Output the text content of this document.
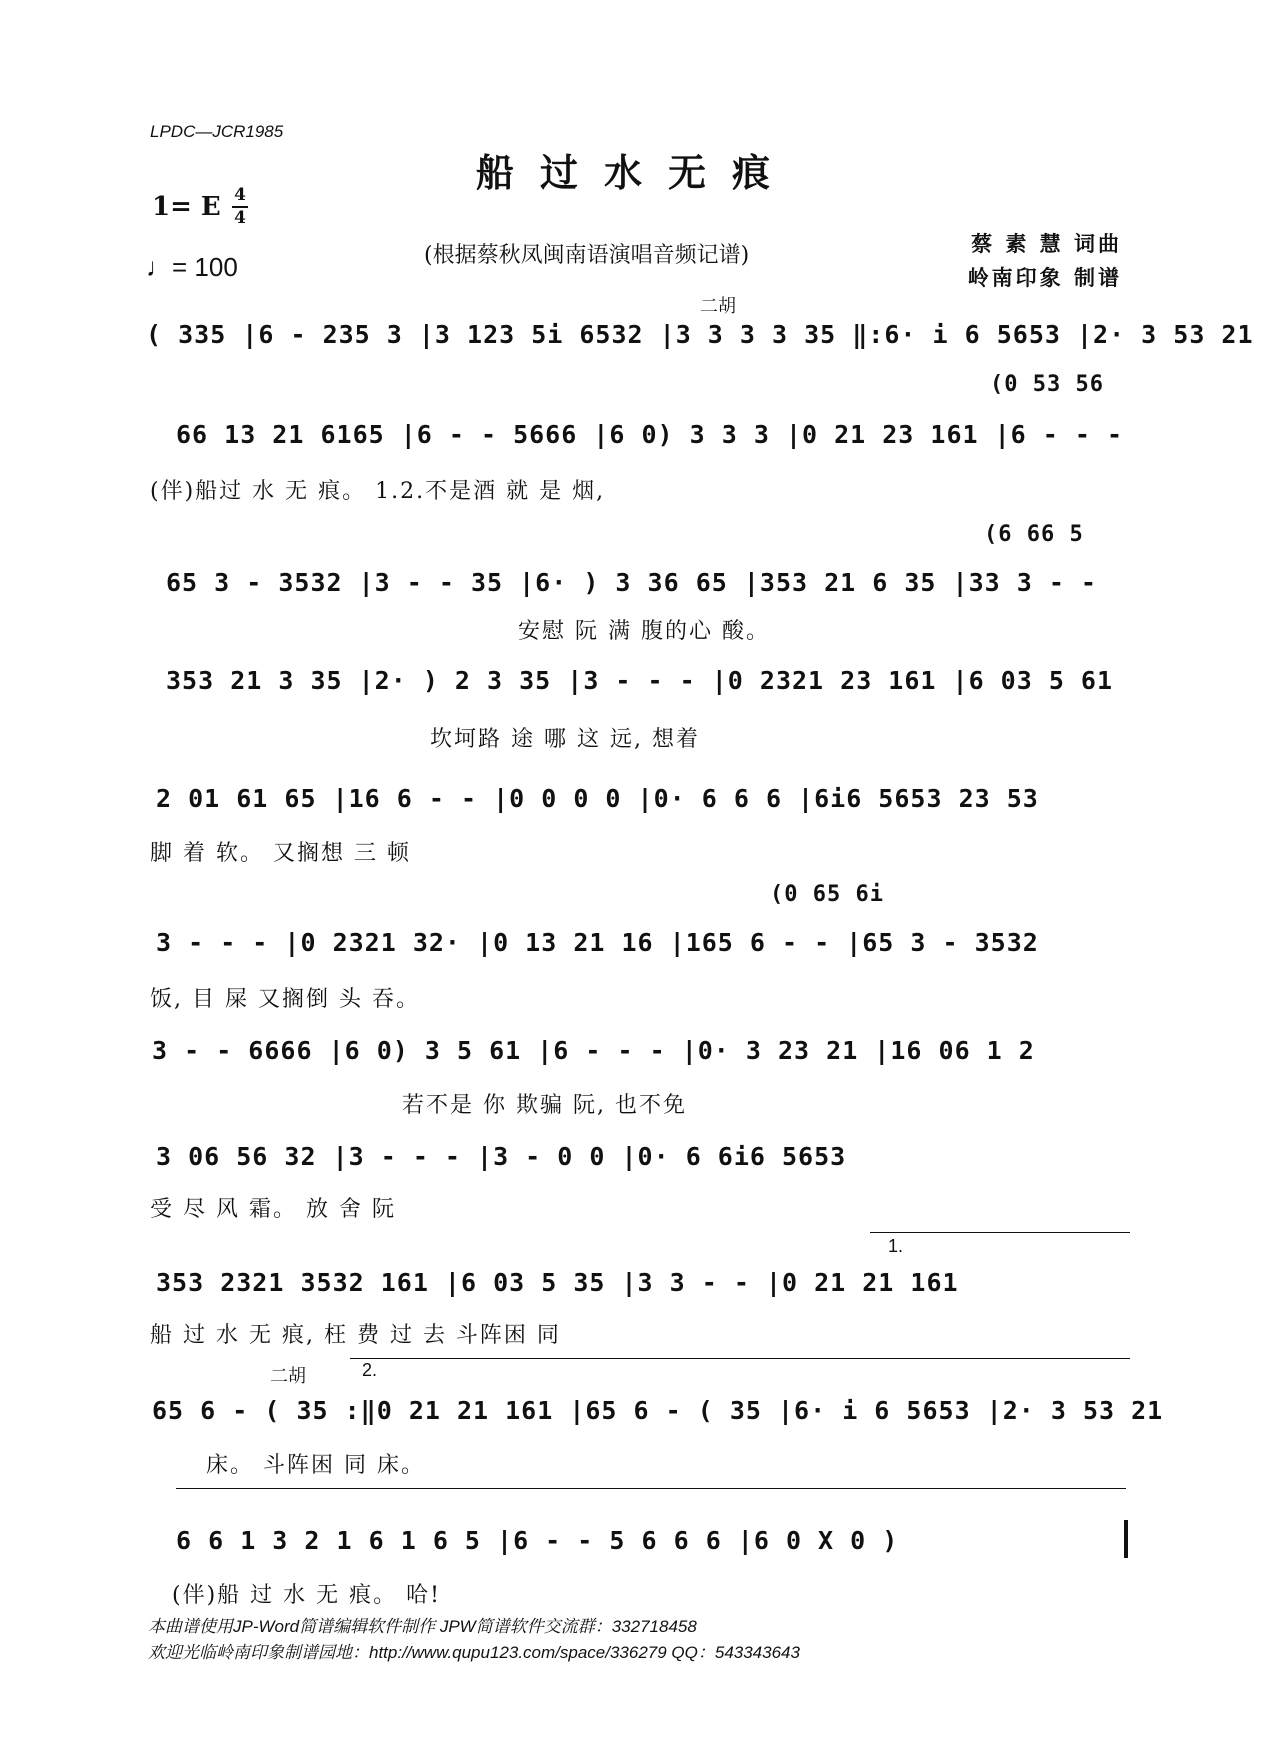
LPDC—JCR1985
船过水无痕
1= E 4
4
♩= 100	(根据蔡秋凤闽南语演唱音频记谱)	蔡 素 慧 词曲
岭南印象 制谱
二胡
( 335 |6 - 235 3 |3 123 5i 6532 |3 3 3 3 35 ‖:6· i 6 5653 |2· 3 53 21
(0 53 56
66 13 21 6165 |6 - - 5666 |6 0) 3 3 3 |0 21 23 161 |6 - - -
(伴)船过 水 无 痕。 1.2.不是酒 就 是 烟,
(6 66 5
65 3 - 3532 |3 - - 35 |6· ) 3 36 65 |353 21 6 35 |33 3 - -
安慰 阮 满 腹的心 酸。
353 21 3 35 |2· ) 2 3 35 |3 - - - |0 2321 23 161 |6 03 5 61
坎坷路 途 哪 这 远, 想着
2 01 61 65 |16 6 - - |0 0 0 0 |0· 6 6 6 |6i6 5653 23 53
脚 着 软。 又搁想 三 顿
(0 65 6i
3 - - - |0 2321 32· |0 13 21 16 |165 6 - - |65 3 - 3532
饭, 目 屎 又搁倒 头 吞。
3 - - 6666 |6 0) 3 5 61 |6 - - - |0· 3 23 21 |16 06 1 2
若不是 你 欺骗 阮, 也不免
3 06 56 32 |3 - - - |3 - 0 0 |0· 6 6i6 5653
受 尽 风 霜。 放 舍 阮
1.
353 2321 3532 161 |6 03 5 35 |3 3 - - |0 21 21 161
船 过 水 无 痕, 枉 费 过 去 斗阵困 同
二胡	2.
65 6 - ( 35 :‖0 21 21 161 |65 6 - ( 35 |6· i 6 5653 |2· 3 53 21
床。 斗阵困 同 床。
6 6 1 3 2 1 6 1 6 5 |6 - - 5 6 6 6 |6 0 X 0 )
(伴)船 过 水 无 痕。 哈!
本曲谱使用JP-Word简谱编辑软件制作 JPW简谱软件交流群：332718458
欢迎光临岭南印象制谱园地：http://www.qupu123.com/space/336279 QQ：543343643
